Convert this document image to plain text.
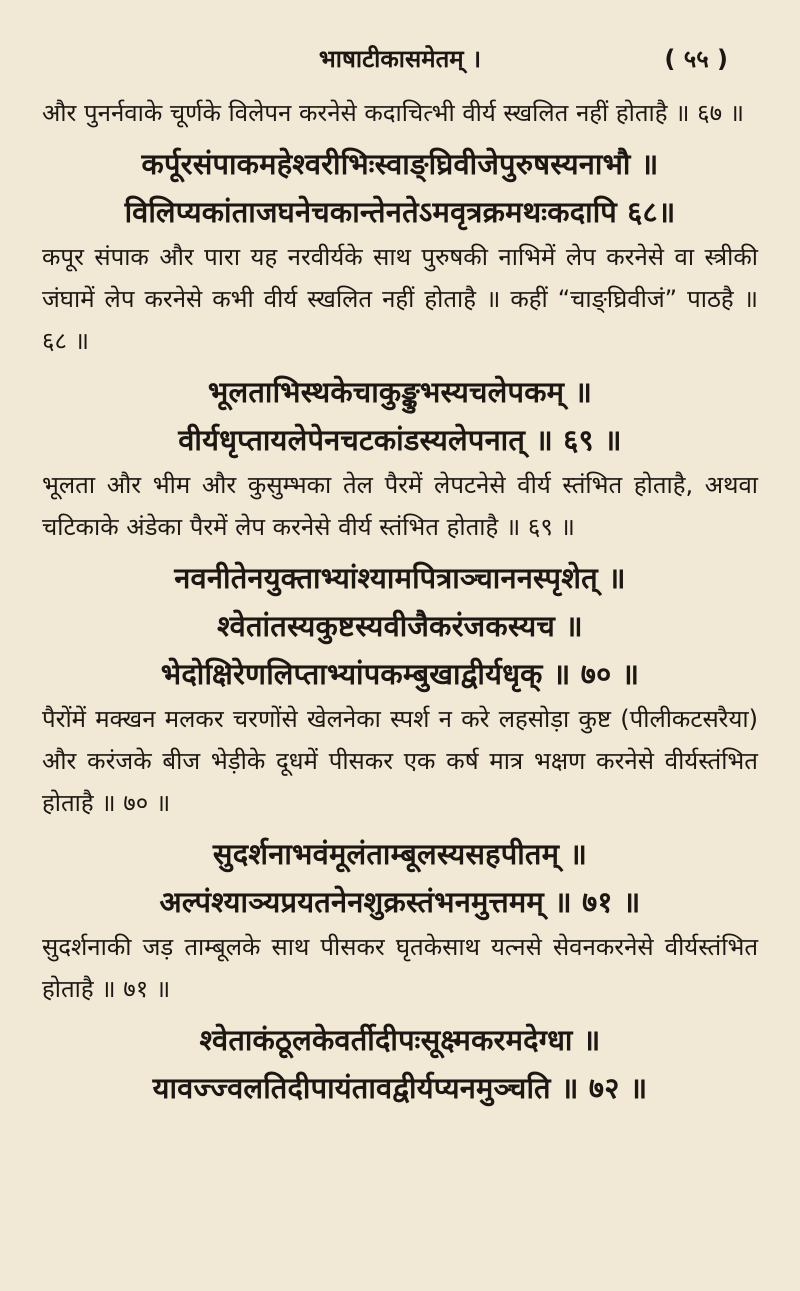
भाषाटीकासमेतम् ।	( ५५ )

और पुनर्नवाके चूर्णके विलेपन करनेसे कदाचित्भी वीर्य स्खलित नहीं होताहै ॥ ६७ ॥

कर्पूरसंपाकमहेश्वरीभिःस्वाङ्घ्रिवीजेपुरुषस्यनाभौ ॥

विलिप्यकांताजघनेचकान्तेनतेऽमवृत्रक्रमथःकदापि ६८॥

कपूर संपाक और पारा यह नरवीर्यके साथ पुरुषकी नाभिमें लेप करनेसे वा स्त्रीकी जंघामें लेप करनेसे कभी वीर्य स्खलित नहीं होताहै ॥ कहीं “चाङ्घ्रिवीजं” पाठहै ॥ ६८ ॥

भूलताभिस्थकेचाकुङ्कुभस्यचलेपकम् ॥

वीर्यधृप्तायलेपेनचटकांडस्यलेपनात् ॥ ६९ ॥

भूलता और भीम और कुसुम्भका तेल पैरमें लेपटनेसे वीर्य स्तंभित होताहै, अथवा चटिकाके अंडेका पैरमें लेप करनेसे वीर्य स्तंभित होताहै ॥ ६९ ॥

नवनीतेनयुक्ताभ्यांश्यामपित्राञ्चाननस्पृशेत् ॥

श्वेतांतस्यकुष्टस्यवीजैकरंजकस्यच ॥

भेदोक्षिरेणलिप्ताभ्यांपकम्बुखाद्वीर्यधृक् ॥ ७० ॥

पैरोंमें मक्खन मलकर चरणोंसे खेलनेका स्पर्श न करे लहसोड़ा कुष्ट (पीलीकटसरैया) और करंजके बीज भेड़ीके दूधमें पीसकर एक कर्ष मात्र भक्षण करनेसे वीर्यस्तंभित होताहै ॥ ७० ॥

सुदर्शनाभवंमूलंताम्बूलस्यसहपीतम् ॥

अल्पंश्याञ्यप्रयतनेनशुक्रस्तंभनमुत्तमम् ॥ ७१ ॥

सुदर्शनाकी जड़ ताम्बूलके साथ पीसकर घृतकेसाथ यत्नसे सेवनकरनेसे वीर्यस्तंभित होताहै ॥ ७१ ॥

श्वेताकंठूलकेवर्तीदीपःसूक्ष्मकरमदेग्धा ॥

यावज्ज्वलतिदीपायंतावद्वीर्यप्यनमुञ्चति ॥ ७२ ॥
